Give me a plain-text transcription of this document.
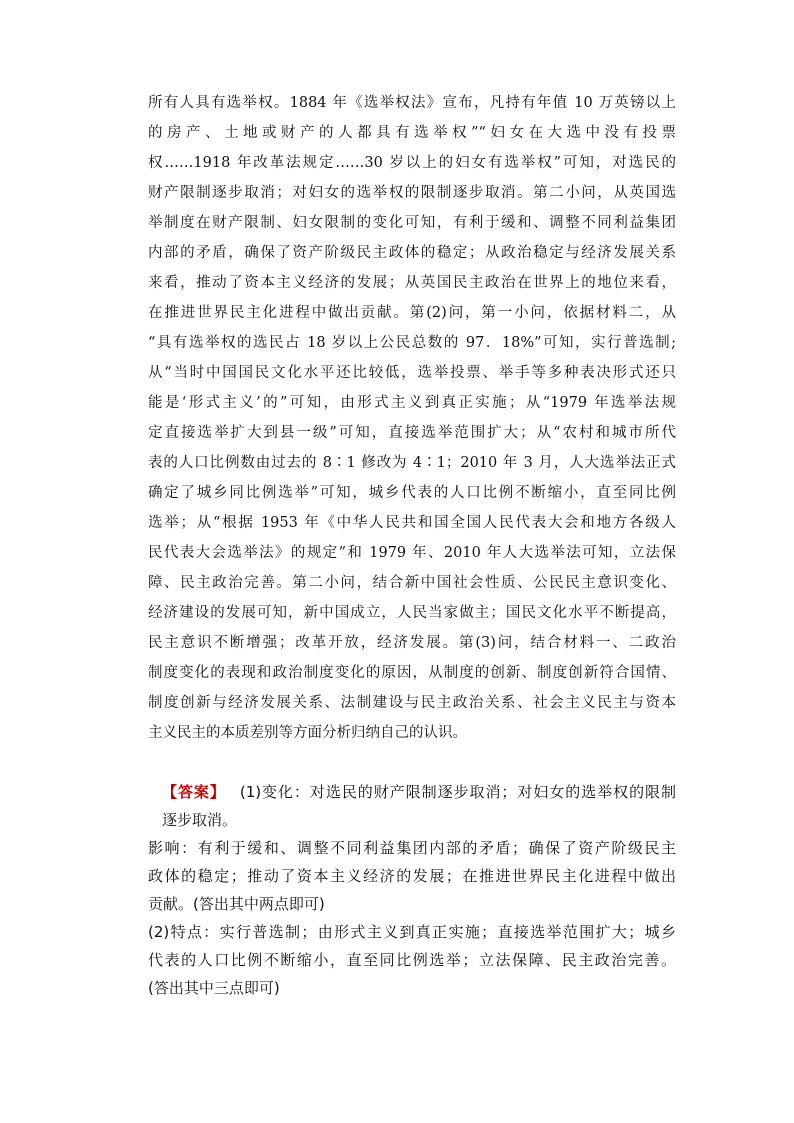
所有人具有选举权。1884 年《选举权法》宣布，凡持有年值 10 万英镑以上
的房产、土地或财产的人都具有选举权”“妇女在大选中没有投票
权……1918 年改革法规定……30 岁以上的妇女有选举权”可知，对选民的
财产限制逐步取消；对妇女的选举权的限制逐步取消。第二小问，从英国选
举制度在财产限制、妇女限制的变化可知，有利于缓和、调整不同利益集团
内部的矛盾，确保了资产阶级民主政体的稳定；从政治稳定与经济发展关系
来看，推动了资本主义经济的发展；从英国民主政治在世界上的地位来看，
在推进世界民主化进程中做出贡献。第(2)问，第一小问，依据材料二，从
“具有选举权的选民占 18 岁以上公民总数的 97．18%”可知，实行普选制;
从“当时中国国民文化水平还比较低，选举投票、举手等多种表决形式还只
能是‘形式主义’的”可知，由形式主义到真正实施；从“1979 年选举法规
定直接选举扩大到县一级”可知，直接选举范围扩大；从“农村和城市所代
表的人口比例数由过去的 8∶1 修改为 4∶1；2010 年 3 月，人大选举法正式
确定了城乡同比例选举”可知，城乡代表的人口比例不断缩小，直至同比例
选举；从“根据 1953 年《中华人民共和国全国人民代表大会和地方各级人
民代表大会选举法》的规定”和 1979 年、2010 年人大选举法可知，立法保
障、民主政治完善。第二小问，结合新中国社会性质、公民民主意识变化、
经济建设的发展可知，新中国成立，人民当家做主；国民文化水平不断提高，
民主意识不断增强；改革开放，经济发展。第(3)问，结合材料一、二政治
制度变化的表现和政治制度变化的原因，从制度的创新、制度创新符合国情、
制度创新与经济发展关系、法制建设与民主政治关系、社会主义民主与资本
主义民主的本质差别等方面分析归纳自己的认识。
【答案】 (1)变化：对选民的财产限制逐步取消；对妇女的选举权的限制
逐步取消。
影响：有利于缓和、调整不同利益集团内部的矛盾；确保了资产阶级民主
政体的稳定；推动了资本主义经济的发展；在推进世界民主化进程中做出
贡献。(答出其中两点即可)
(2)特点：实行普选制；由形式主义到真正实施；直接选举范围扩大；城乡
代表的人口比例不断缩小，直至同比例选举；立法保障、民主政治完善。
(答出其中三点即可)
